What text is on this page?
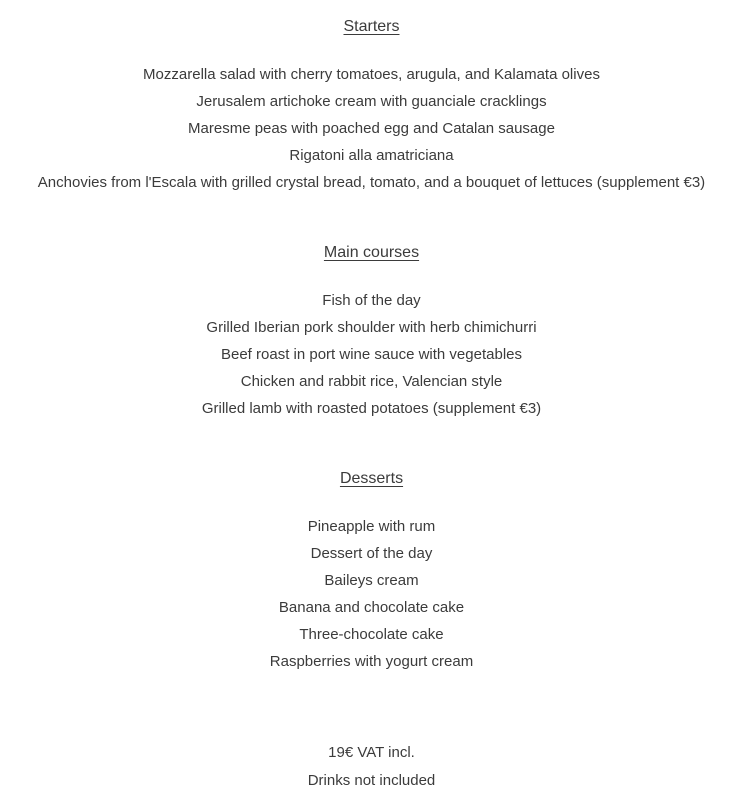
Starters

Mozzarella salad with cherry tomatoes, arugula, and Kalamata olives

Jerusalem artichoke cream with guanciale cracklings

Maresme peas with poached egg and Catalan sausage

Rigatoni alla amatriciana

Anchovies from l'Escala with grilled crystal bread, tomato, and a bouquet of lettuces (supplement €3)

Main courses

Fish of the day

Grilled Iberian pork shoulder with herb chimichurri

Beef roast in port wine sauce with vegetables

Chicken and rabbit rice, Valencian style

Grilled lamb with roasted potatoes (supplement €3)

Desserts

Pineapple with rum

Dessert of the day

Baileys cream

Banana and chocolate cake

Three-chocolate cake

Raspberries with yogurt cream

19€ VAT incl.

Drinks not included
